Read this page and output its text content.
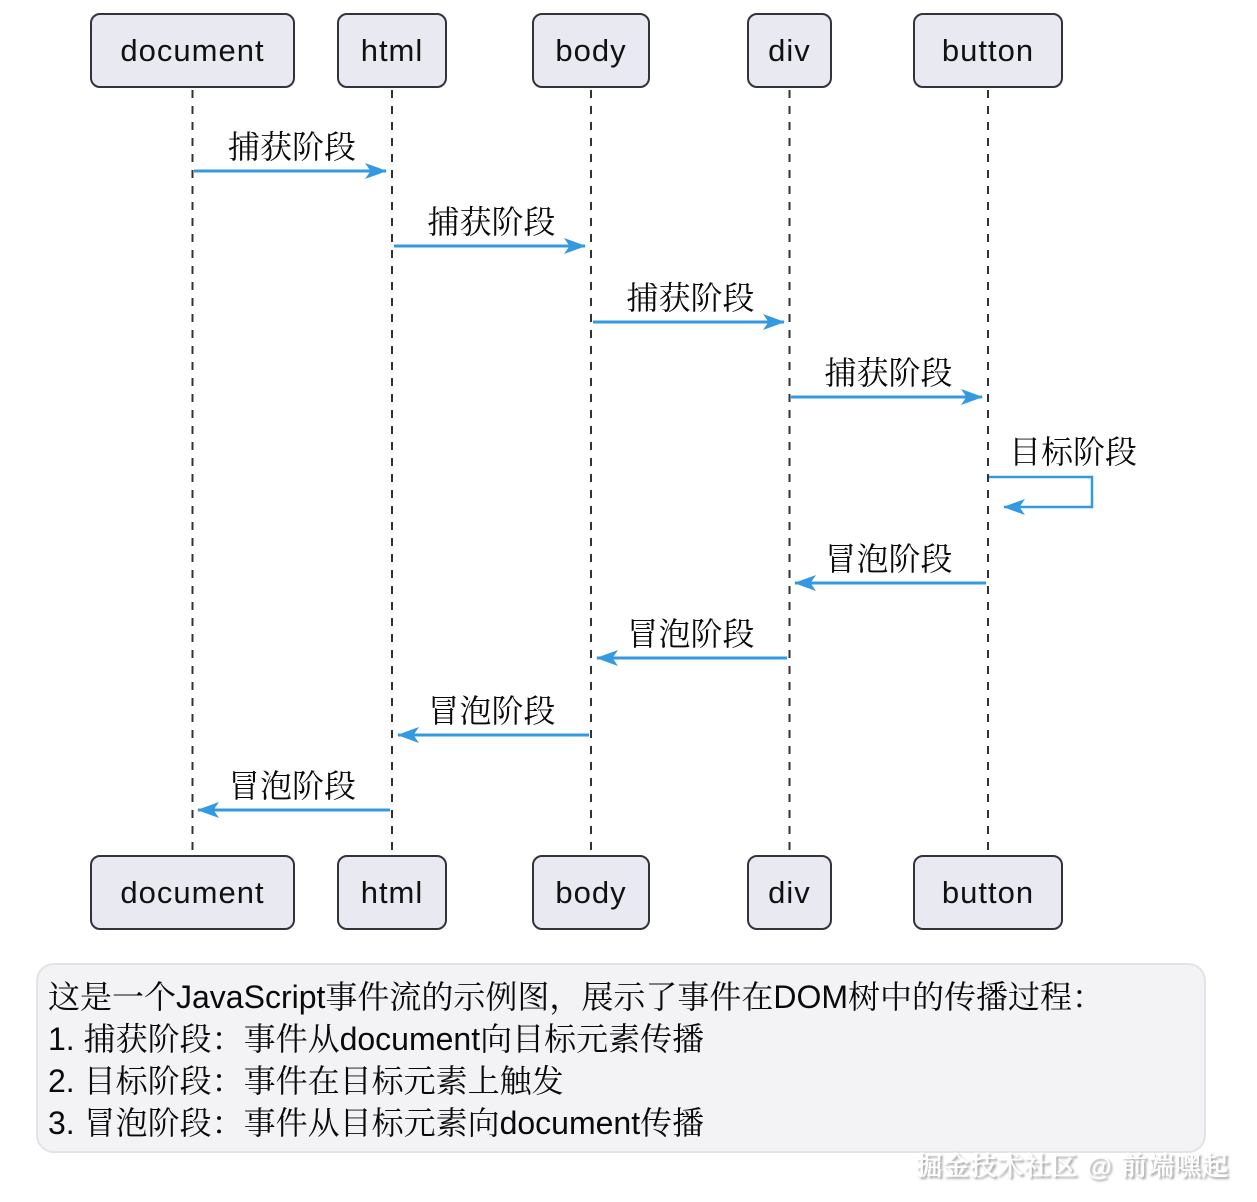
document	html	body	div	button
document	html	body	div	button
捕获阶段
捕获阶段
捕获阶段
捕获阶段
目标阶段
冒泡阶段
冒泡阶段
冒泡阶段
冒泡阶段
这是一个JavaScript事件流的示例图，展示了事件在DOM树中的传播过程：
1. 捕获阶段：事件从document向目标元素传播
2. 目标阶段：事件在目标元素上触发
3. 冒泡阶段：事件从目标元素向document传播
掘金技术社区 @ 前端嘿起
